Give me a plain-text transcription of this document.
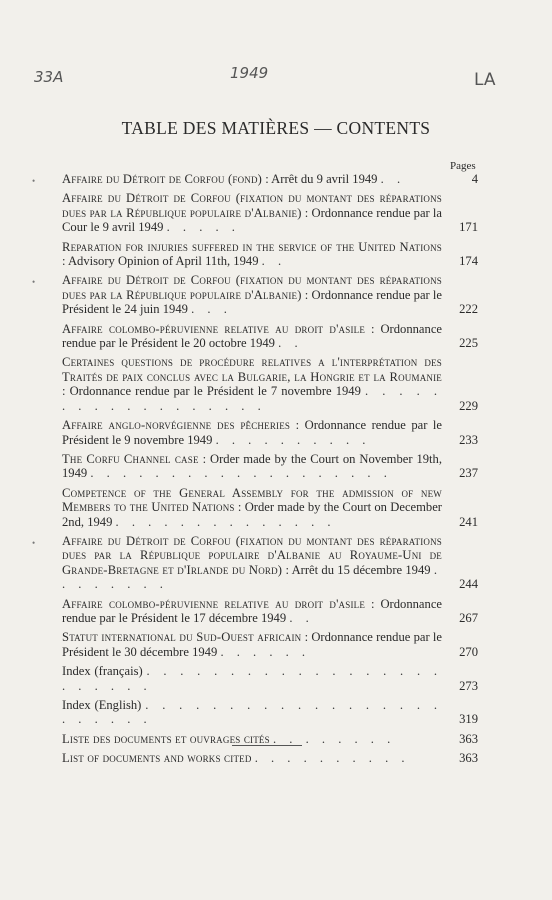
33A	1949	LA
TABLE DES MATIÈRES — CONTENTS
Pages
• Affaire du Détroit de Corfou (fond) : Arrêt du 9 avril 1949 . .	4
Affaire du Détroit de Corfou (fixation du montant des réparations dues par la République populaire d'Albanie) : Ordonnance rendue par la Cour le 9 avril 1949 . . . . .	171
Reparation for injuries suffered in the service of the United Nations : Advisory Opinion of April 11th, 1949 . .	174
• Affaire du Détroit de Corfou (fixation du montant des réparations dues par la République populaire d'Albanie) : Ordonnance rendue par le Président le 24 juin 1949 . . .	222
Affaire colombo-péruvienne relative au droit d'asile : Ordonnance rendue par le Président le 20 octobre 1949 . .	225
Certaines questions de procédure relatives a l'interprétation des Traités de paix conclus avec la Bulgarie, la Hongrie et la Roumanie : Ordonnance rendue par le Président le 7 novembre 1949 . . . . . . . . . . . . . . . . . .	229
Affaire anglo-norvégienne des pêcheries : Ordonnance rendue par le Président le 9 novembre 1949 . . . . . . . . . .	233
The Corfu Channel case : Order made by the Court on November 19th, 1949 . . . . . . . . . . . . . . . . . . .	237
Competence of the General Assembly for the admission of new Members to the United Nations : Order made by the Court on December 2nd, 1949 . . . . . . . . . . . . . .	241
• Affaire du Détroit de Corfou (fixation du montant des réparations dues par la République populaire d'Albanie au Royaume-Uni de Grande-Bretagne et d'Irlande du Nord) : Arrêt du 15 décembre 1949 . . . . . . . .	244
Affaire colombo-péruvienne relative au droit d'asile : Ordonnance rendue par le Président le 17 décembre 1949 . .	267
Statut international du Sud-Ouest africain : Ordonnance rendue par le Président le 30 décembre 1949 . . . . . .	270
Index (français) . . . . . . . . . . . . . . . . . . . . . . . .	273
Index (English) . . . . . . . . . . . . . . . . . . . . . . . .	319
Liste des documents et ouvrages cités . . . . . . . .	363
List of documents and works cited . . . . . . . . . .	363
